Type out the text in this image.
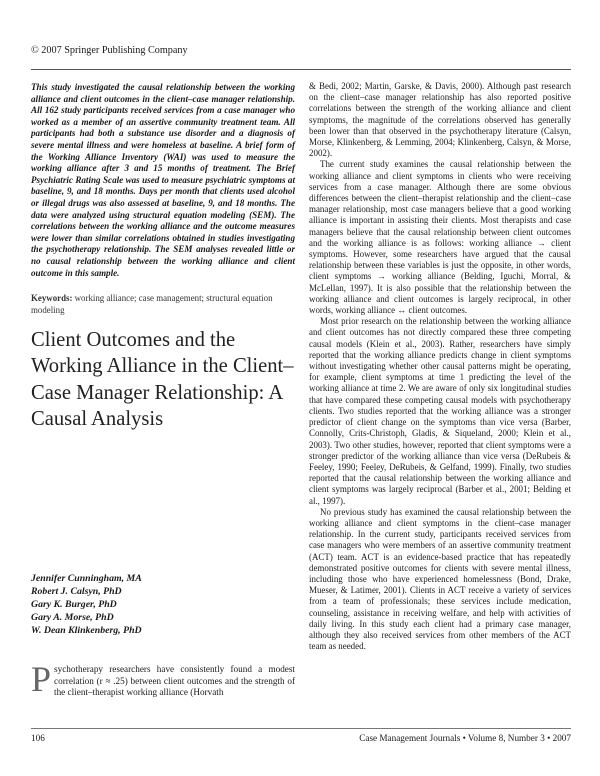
© 2007 Springer Publishing Company

This study investigated the causal relationship between the working alliance and client outcomes in the client–case manager relationship. All 162 study participants received services from a case manager who worked as a member of an assertive community treatment team. All participants had both a substance use disorder and a diagnosis of severe mental illness and were homeless at baseline. A brief form of the Working Alliance Inventory (WAI) was used to measure the working alliance after 3 and 15 months of treatment. The Brief Psychiatric Rating Scale was used to measure psychiatric symptoms at baseline, 9, and 18 months. Days per month that clients used alcohol or illegal drugs was also assessed at baseline, 9, and 18 months. The data were analyzed using structural equation modeling (SEM). The correlations between the working alliance and the outcome measures were lower than similar correlations obtained in studies investigating the psychotherapy relationship. The SEM analyses revealed little or no causal relationship between the working alliance and client outcome in this sample.

Keywords: working alliance; case management; structural equation modeling
Client Outcomes and the Working Alliance in the Client–Case Manager Relationship: A Causal Analysis
Jennifer Cunningham, MA
Robert J. Calsyn, PhD
Gary K. Burger, PhD
Gary A. Morse, PhD
W. Dean Klinkenberg, PhD

Psychotherapy researchers have consistently found a modest correlation (r ≈ .25) between client outcomes and the strength of the client–therapist working alliance (Horvath

& Bedi, 2002; Martin, Garske, & Davis, 2000). Although past research on the client–case manager relationship has also reported positive correlations between the strength of the working alliance and client symptoms, the magnitude of the correlations observed has generally been lower than that observed in the psychotherapy literature (Calsyn, Morse, Klinkenberg, & Lemming, 2004; Klinkenberg, Calsyn, & Morse, 2002).

The current study examines the causal relationship between the working alliance and client symptoms in clients who were receiving services from a case manager. Although there are some obvious differences between the client–therapist relationship and the client–case manager relationship, most case managers believe that a good working alliance is important in assisting their clients. Most therapists and case managers believe that the causal relationship between client outcomes and the working alliance is as follows: working alliance → client symptoms. However, some researchers have argued that the causal relationship between these variables is just the opposite, in other words, client symptoms → working alliance (Belding, Iguchi, Morral, & McLellan, 1997). It is also possible that the relationship between the working alliance and client outcomes is largely reciprocal, in other words, working alliance ↔ client outcomes.

Most prior research on the relationship between the working alliance and client outcomes has not directly compared these three competing causal models (Klein et al., 2003). Rather, researchers have simply reported that the working alliance predicts change in client symptoms without investigating whether other causal patterns might be operating, for example, client symptoms at time 1 predicting the level of the working alliance at time 2. We are aware of only six longitudinal studies that have compared these competing causal models with psychotherapy clients. Two studies reported that the working alliance was a stronger predictor of client change on the symptoms than vice versa (Barber, Connolly, Crits-Christoph, Gladis, & Siqueland, 2000; Klein et al., 2003). Two other studies, however, reported that client symptoms were a stronger predictor of the working alliance than vice versa (DeRubeis & Feeley, 1990; Feeley, DeRubeis, & Gelfand, 1999). Finally, two studies reported that the causal relationship between the working alliance and client symptoms was largely reciprocal (Barber et al., 2001; Belding et al., 1997).

No previous study has examined the causal relationship between the working alliance and client symptoms in the client–case manager relationship. In the current study, participants received services from case managers who were members of an assertive community treatment (ACT) team. ACT is an evidence-based practice that has repeatedly demonstrated positive outcomes for clients with severe mental illness, including those who have experienced homelessness (Bond, Drake, Mueser, & Latimer, 2001). Clients in ACT receive a variety of services from a team of professionals; these services include medication, counseling, assistance in receiving welfare, and help with activities of daily living. In this study each client had a primary case manager, although they also received services from other members of the ACT team as needed.

106	Case Management Journals • Volume 8, Number 3 • 2007
